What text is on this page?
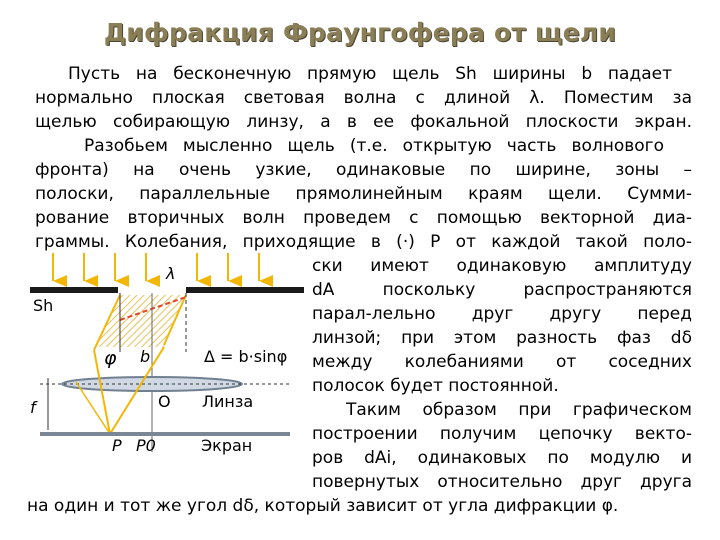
Дифракция Фраунгофера от щели
Пусть на бесконечную прямую щель Sh ширины b падает
нормально плоская световая волна с длиной λ. Поместим за
щелью собирающую линзу, а в ее фокальной плоскости экран.
Разобьем мысленно щель (т.е. открытую часть волнового
фронта) на очень узкие, одинаковые по ширине, зоны –
полоски, параллельные прямолинейным краям щели. Сумми-
рование вторичных волн проведем с помощью векторной диа-
граммы. Колебания, приходящие в (·) P от каждой такой поло-
ски имеют одинаковую амплитуду
dA поскольку распространяются
парал-лельно друг другу перед
линзой; при этом разность фаз dδ
между колебаниями от соседних
полосок будет постоянной.
Таким образом при графическом
построении получим цепочку векто-
ров dAi, одинаковых по модулю и
повернутых относительно друг друга
на один и тот же угол dδ, который зависит от угла дифракции φ.
λ
Sh
φ b	Δ = b·sinφ
O
f	Линза
Экран
P P0
